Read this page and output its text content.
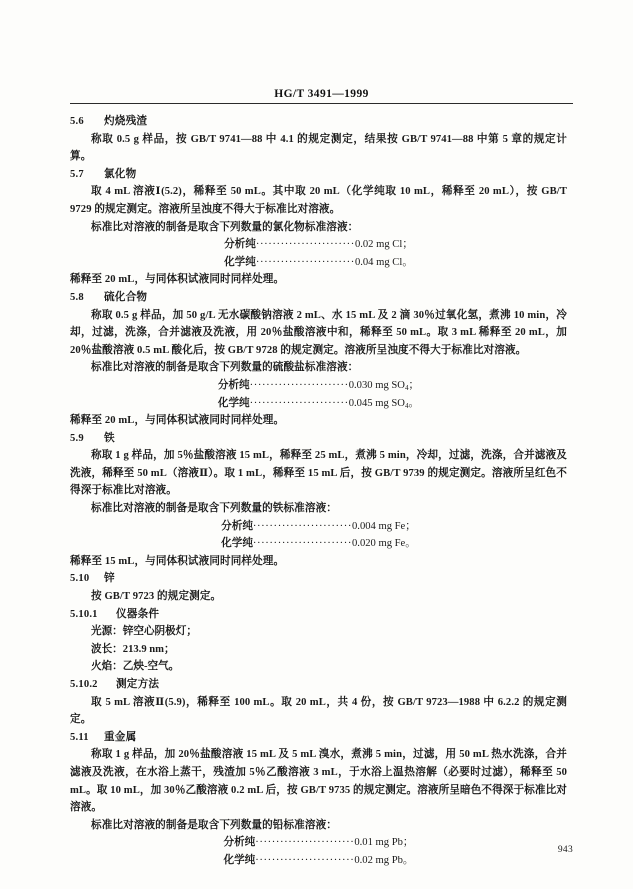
HG/T 3491—1999

5.6 灼烧残渣

称取 0.5 g 样品，按 GB/T 9741—88 中 4.1 的规定测定，结果按 GB/T 9741—88 中第 5 章的规定计算。

5.7 氯化物

取 4 mL 溶液Ⅰ(5.2)，稀释至 50 mL。其中取 20 mL（化学纯取 10 mL，稀释至 20 mL），按 GB/T 9729 的规定测定。溶液所呈浊度不得大于标准比对溶液。

标准比对溶液的制备是取含下列数量的氯化物标准溶液：

分析纯························0.02 mg Cl；

化学纯························0.04 mg Cl。

稀释至 20 mL，与同体积试液同时同样处理。

5.8 硫化合物

称取 0.5 g 样品，加 50 g/L 无水碳酸钠溶液 2 mL、水 15 mL 及 2 滴 30％过氧化氢，煮沸 10 min，冷却，过滤，洗涤，合并滤液及洗液，用 20％盐酸溶液中和，稀释至 50 mL。取 3 mL 稀释至 20 mL，加 20％盐酸溶液 0.5 mL 酸化后，按 GB/T 9728 的规定测定。溶液所呈浊度不得大于标准比对溶液。

标准比对溶液的制备是取含下列数量的硫酸盐标准溶液：

分析纯························0.030 mg $SO_4$；

化学纯························0.045 mg $SO_4$。

稀释至 20 mL，与同体积试液同时同样处理。

5.9 铁

称取 1 g 样品，加 5％盐酸溶液 15 mL，稀释至 25 mL，煮沸 5 min，冷却，过滤，洗涤，合并滤液及洗液，稀释至 50 mL（溶液Ⅱ）。取 1 mL，稀释至 15 mL 后，按 GB/T 9739 的规定测定。溶液所呈红色不得深于标准比对溶液。

标准比对溶液的制备是取含下列数量的铁标准溶液：

分析纯························0.004 mg Fe；

化学纯························0.020 mg Fe。

稀释至 15 mL，与同体积试液同时同样处理。

5.10 锌

按 GB/T 9723 的规定测定。

5.10.1 仪器条件

光源：锌空心阴极灯；

波长：213.9 nm；

火焰：乙炴-空气。

5.10.2 测定方法

取 5 mL 溶液Ⅱ(5.9)，稀释至 100 mL。取 20 mL，共 4 份，按 GB/T 9723—1988 中 6.2.2 的规定测定。

5.11 重金属

称取 1 g 样品，加 20％盐酸溶液 15 mL 及 5 mL 溴水，煮沸 5 min，过滤，用 50 mL 热水洗涤，合并滤液及洗液，在水浴上蒸干，残渣加 5％乙酸溶液 3 mL，于水浴上温热溶解（必要时过滤），稀释至 50 mL。取 10 mL，加 30％乙酸溶液 0.2 mL 后，按 GB/T 9735 的规定测定。溶液所呈暗色不得深于标准比对溶液。

标准比对溶液的制备是取含下列数量的铅标准溶液：

分析纯························0.01 mg Pb；

化学纯························0.02 mg Pb。

943
